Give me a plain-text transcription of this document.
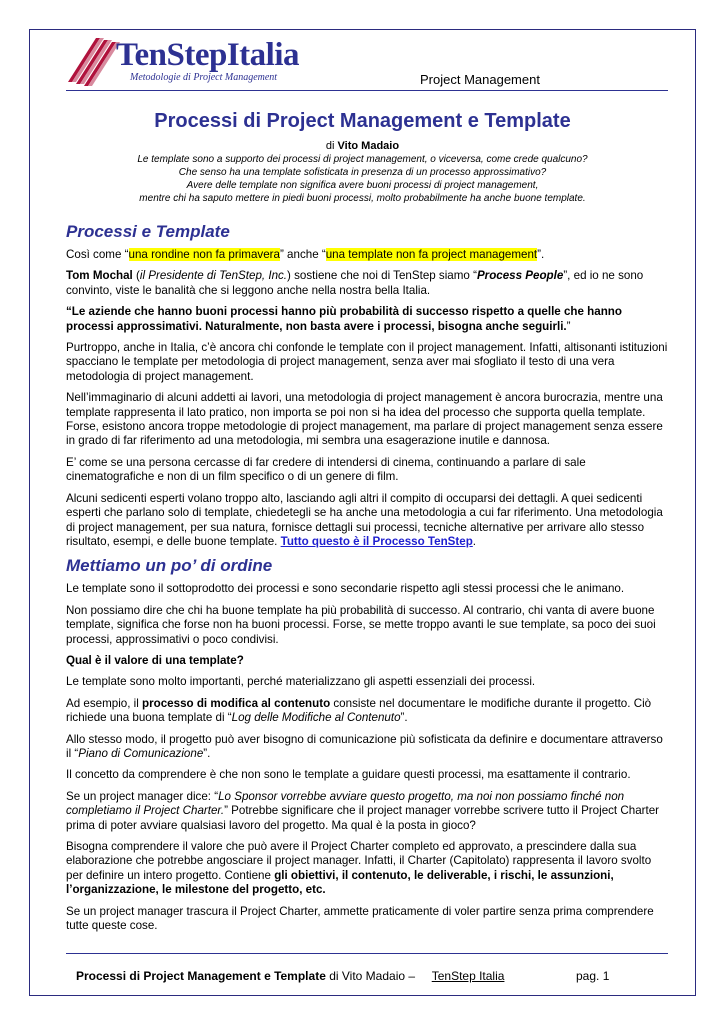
TenStepItalia
Metodologie di Project Management	Project Management
Processi di Project Management e Template
di Vito Madaio
Le template sono a supporto dei processi di project management, o viceversa, come crede qualcuno?
Che senso ha una template sofisticata in presenza di un processo approssimativo?
Avere delle template non significa avere buoni processi di project management,
mentre chi ha saputo mettere in piedi buoni processi, molto probabilmente ha anche buone template.
Processi e Template

Così come “una rondine non fa primavera” anche “una template non fa project management”.

Tom Mochal (il Presidente di TenStep, Inc.) sostiene che noi di TenStep siamo “Process People”, ed io ne sono convinto, viste le banalità che si leggono anche nella nostra bella Italia.

“Le aziende che hanno buoni processi hanno più probabilità di successo rispetto a quelle che hanno processi approssimativi. Naturalmente, non basta avere i processi, bisogna anche seguirli.”

Purtroppo, anche in Italia, c’è ancora chi confonde le template con il project management. Infatti, altisonanti istituzioni spacciano le template per metodologia di project management, senza aver mai sfogliato il testo di una vera metodologia di project management.

Nell’immaginario di alcuni addetti ai lavori, una metodologia di project management è ancora burocrazia, mentre una template rappresenta il lato pratico, non importa se poi non si ha idea del processo che supporta quella template. Forse, esistono ancora troppe metodologie di project management, ma parlare di project management senza essere in grado di far riferimento ad una metodologia, mi sembra una esagerazione inutile e dannosa.

E’ come se una persona cercasse di far credere di intendersi di cinema, continuando a parlare di sale cinematografiche e non di un film specifico o di un genere di film.

Alcuni sedicenti esperti volano troppo alto, lasciando agli altri il compito di occuparsi dei dettagli. A quei sedicenti esperti che parlano solo di template, chiedetegli se ha anche una metodologia a cui far riferimento. Una metodologia di project management, per sua natura, fornisce dettagli sui processi, tecniche alternative per arrivare allo stesso risultato, esempi, e delle buone template. Tutto questo è il Processo TenStep.

Mettiamo un po’ di ordine

Le template sono il sottoprodotto dei processi e sono secondarie rispetto agli stessi processi che le animano.

Non possiamo dire che chi ha buone template ha più probabilità di successo. Al contrario, chi vanta di avere buone template, significa che forse non ha buoni processi. Forse, se mette troppo avanti le sue template, sa poco dei suoi processi, approssimativi o poco condivisi.

Qual è il valore di una template?

Le template sono molto importanti, perché materializzano gli aspetti essenziali dei processi.

Ad esempio, il processo di modifica al contenuto consiste nel documentare le modifiche durante il progetto. Ciò richiede una buona template di “Log delle Modifiche al Contenuto”.

Allo stesso modo, il progetto può aver bisogno di comunicazione più sofisticata da definire e documentare attraverso il “Piano di Comunicazione”.

Il concetto da comprendere è che non sono le template a guidare questi processi, ma esattamente il contrario.

Se un project manager dice: “Lo Sponsor vorrebbe avviare questo progetto, ma noi non possiamo finché non completiamo il Project Charter.” Potrebbe significare che il project manager vorrebbe scrivere tutto il Project Charter prima di poter avviare qualsiasi lavoro del progetto. Ma qual è la posta in gioco?

Bisogna comprendere il valore che può avere il Project Charter completo ed approvato, a prescindere dalla sua elaborazione che potrebbe angosciare il project manager. Infatti, il Charter (Capitolato) rappresenta il lavoro svolto per definire un intero progetto. Contiene gli obiettivi, il contenuto, le deliverable, i rischi, le assunzioni, l’organizzazione, le milestone del progetto, etc.

Se un project manager trascura il Project Charter, ammette praticamente di voler partire senza prima comprendere tutte queste cose.

Processi di Project Management e Template di Vito Madaio – TenStep Italia	pag. 1
